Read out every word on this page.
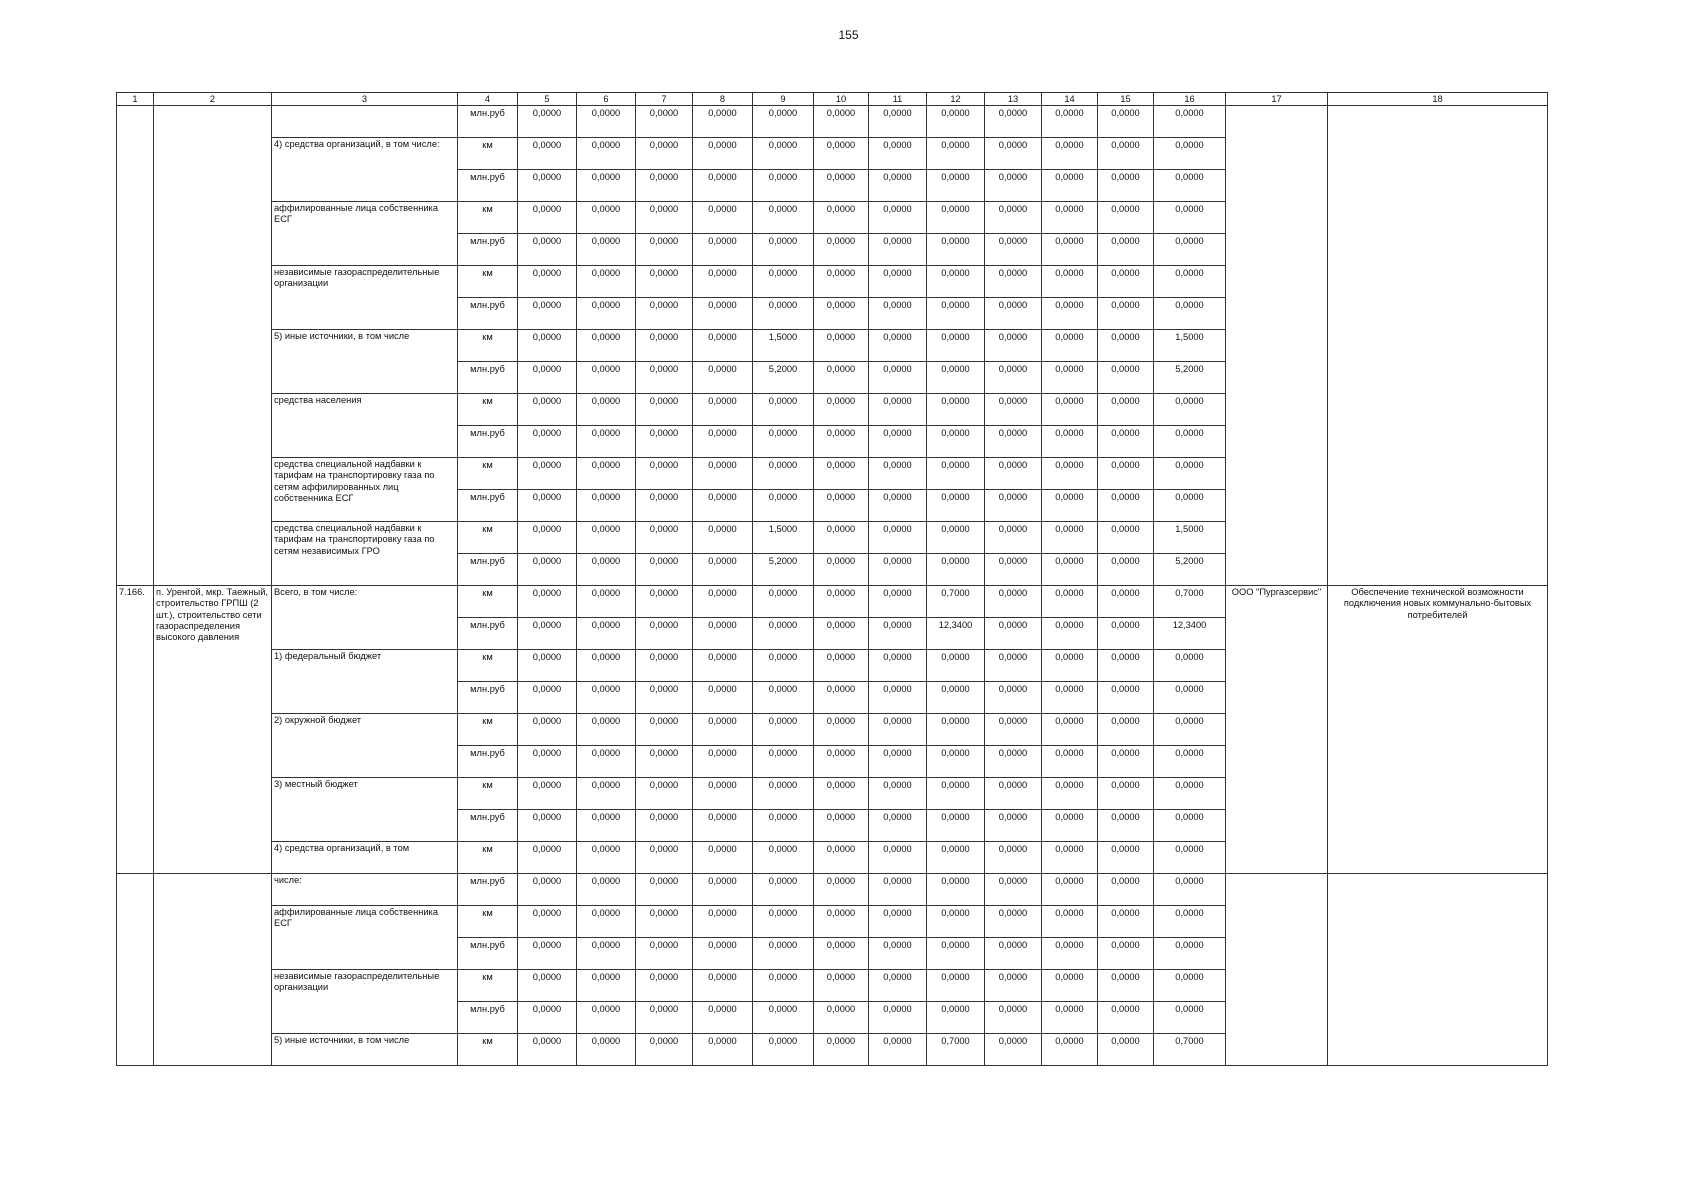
155
1	2	3	4	5	6	7	8	9	10	11	12	13	14	15	16	17	18
			млн.руб	0,0000	0,0000	0,0000	0,0000	0,0000	0,0000	0,0000	0,0000	0,0000	0,0000	0,0000	0,0000		
		4) средства организаций, в том числе:	км	0,0000	0,0000	0,0000	0,0000	0,0000	0,0000	0,0000	0,0000	0,0000	0,0000	0,0000	0,0000		
			млн.руб	0,0000	0,0000	0,0000	0,0000	0,0000	0,0000	0,0000	0,0000	0,0000	0,0000	0,0000	0,0000		
		аффилированные лица собственника ЕСГ	км	0,0000	0,0000	0,0000	0,0000	0,0000	0,0000	0,0000	0,0000	0,0000	0,0000	0,0000	0,0000		
			млн.руб	0,0000	0,0000	0,0000	0,0000	0,0000	0,0000	0,0000	0,0000	0,0000	0,0000	0,0000	0,0000		
		независимые газораспределительные организации	км	0,0000	0,0000	0,0000	0,0000	0,0000	0,0000	0,0000	0,0000	0,0000	0,0000	0,0000	0,0000		
			млн.руб	0,0000	0,0000	0,0000	0,0000	0,0000	0,0000	0,0000	0,0000	0,0000	0,0000	0,0000	0,0000		
		5) иные источники, в том числе	км	0,0000	0,0000	0,0000	0,0000	1,5000	0,0000	0,0000	0,0000	0,0000	0,0000	0,0000	1,5000		
			млн.руб	0,0000	0,0000	0,0000	0,0000	5,2000	0,0000	0,0000	0,0000	0,0000	0,0000	0,0000	5,2000		
		средства населения	км	0,0000	0,0000	0,0000	0,0000	0,0000	0,0000	0,0000	0,0000	0,0000	0,0000	0,0000	0,0000		
			млн.руб	0,0000	0,0000	0,0000	0,0000	0,0000	0,0000	0,0000	0,0000	0,0000	0,0000	0,0000	0,0000		
		средства специальной надбавки к тарифам на транспортировку газа по сетям аффилированных лиц собственника ЕСГ	км	0,0000	0,0000	0,0000	0,0000	0,0000	0,0000	0,0000	0,0000	0,0000	0,0000	0,0000	0,0000		
			млн.руб	0,0000	0,0000	0,0000	0,0000	0,0000	0,0000	0,0000	0,0000	0,0000	0,0000	0,0000	0,0000		
		средства специальной надбавки к тарифам на транспортировку газа по сетям независимых ГРО	км	0,0000	0,0000	0,0000	0,0000	1,5000	0,0000	0,0000	0,0000	0,0000	0,0000	0,0000	1,5000		
			млн.руб	0,0000	0,0000	0,0000	0,0000	5,2000	0,0000	0,0000	0,0000	0,0000	0,0000	0,0000	5,2000		
7.166.	п. Уренгой, мкр. Таежный, строительство ГРПШ (2 шт.), строительство сети газораспределения высокого давления	Всего, в том числе:	км	0,0000	0,0000	0,0000	0,0000	0,0000	0,0000	0,0000	0,7000	0,0000	0,0000	0,0000	0,7000	ООО "Пургазсервис"	Обеспечение технической возможности подключения новых коммунально-бытовых потребителей
			млн.руб	0,0000	0,0000	0,0000	0,0000	0,0000	0,0000	0,0000	12,3400	0,0000	0,0000	0,0000	12,3400		
		1) федеральный бюджет	км	0,0000	0,0000	0,0000	0,0000	0,0000	0,0000	0,0000	0,0000	0,0000	0,0000	0,0000	0,0000		
			млн.руб	0,0000	0,0000	0,0000	0,0000	0,0000	0,0000	0,0000	0,0000	0,0000	0,0000	0,0000	0,0000		
		2) окружной бюджет	км	0,0000	0,0000	0,0000	0,0000	0,0000	0,0000	0,0000	0,0000	0,0000	0,0000	0,0000	0,0000		
			млн.руб	0,0000	0,0000	0,0000	0,0000	0,0000	0,0000	0,0000	0,0000	0,0000	0,0000	0,0000	0,0000		
		3) местный бюджет	км	0,0000	0,0000	0,0000	0,0000	0,0000	0,0000	0,0000	0,0000	0,0000	0,0000	0,0000	0,0000		
			млн.руб	0,0000	0,0000	0,0000	0,0000	0,0000	0,0000	0,0000	0,0000	0,0000	0,0000	0,0000	0,0000		
		4) средства организаций, в том	км	0,0000	0,0000	0,0000	0,0000	0,0000	0,0000	0,0000	0,0000	0,0000	0,0000	0,0000	0,0000		
		числе:	млн.руб	0,0000	0,0000	0,0000	0,0000	0,0000	0,0000	0,0000	0,0000	0,0000	0,0000	0,0000	0,0000		
		аффилированные лица собственника ЕСГ	км	0,0000	0,0000	0,0000	0,0000	0,0000	0,0000	0,0000	0,0000	0,0000	0,0000	0,0000	0,0000		
			млн.руб	0,0000	0,0000	0,0000	0,0000	0,0000	0,0000	0,0000	0,0000	0,0000	0,0000	0,0000	0,0000		
		независимые газораспределительные организации	км	0,0000	0,0000	0,0000	0,0000	0,0000	0,0000	0,0000	0,0000	0,0000	0,0000	0,0000	0,0000		
			млн.руб	0,0000	0,0000	0,0000	0,0000	0,0000	0,0000	0,0000	0,0000	0,0000	0,0000	0,0000	0,0000		
		5) иные источники, в том числе	км	0,0000	0,0000	0,0000	0,0000	0,0000	0,0000	0,0000	0,7000	0,0000	0,0000	0,0000	0,7000		
